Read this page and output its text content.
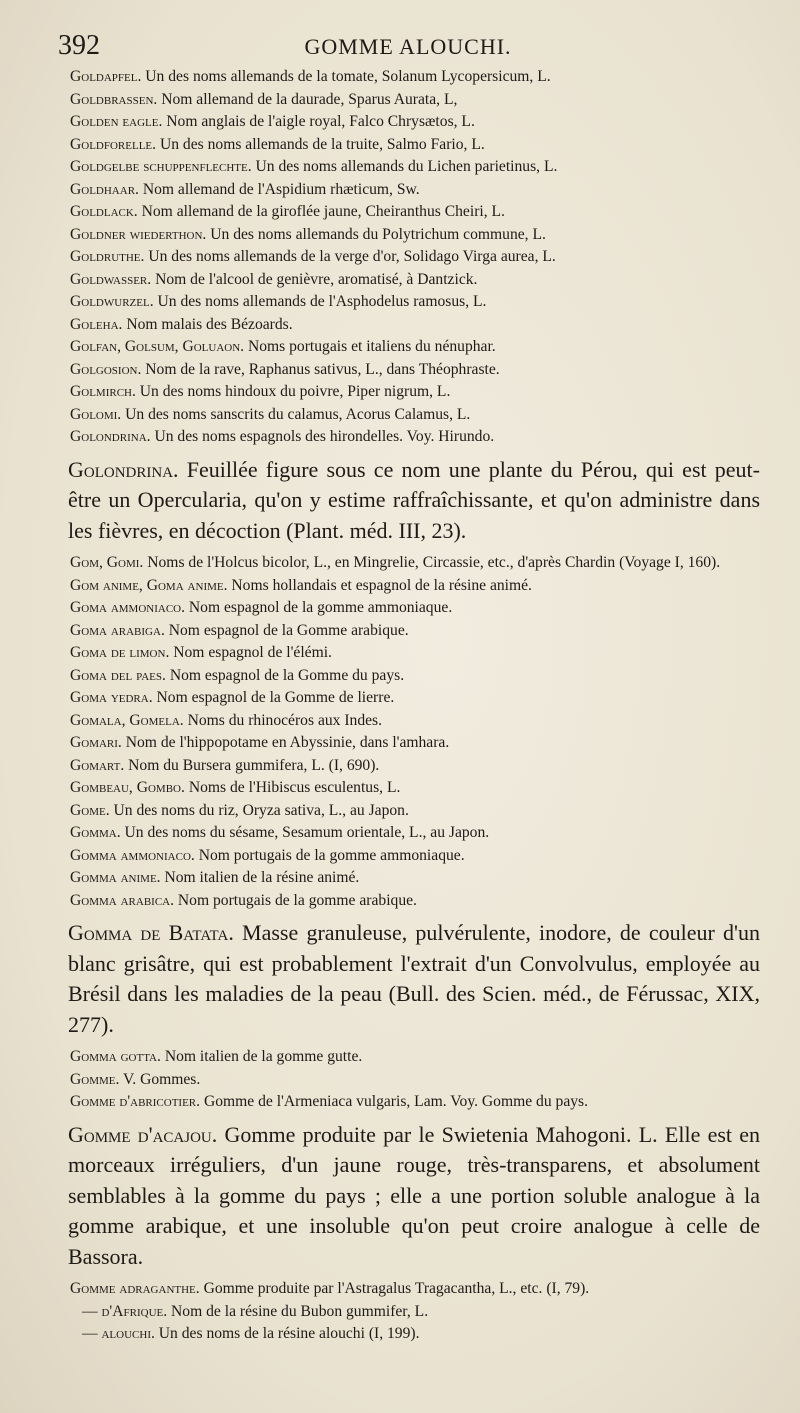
392	GOMME ALOUCHI.
Goldapfel. Un des noms allemands de la tomate, Solanum Lycopersicum, L.
Goldbrassen. Nom allemand de la daurade, Sparus Aurata, L,
Golden eagle. Nom anglais de l'aigle royal, Falco Chrysætos, L.
Goldforelle. Un des noms allemands de la truite, Salmo Fario, L.
Goldgelbe schuppenflechte. Un des noms allemands du Lichen parietinus, L.
Goldhaar. Nom allemand de l'Aspidium rhæticum, Sw.
Goldlack. Nom allemand de la giroflée jaune, Cheiranthus Cheiri, L.
Goldner wiederthon. Un des noms allemands du Polytrichum commune, L.
Goldruthe. Un des noms allemands de la verge d'or, Solidago Virga aurea, L.
Goldwasser. Nom de l'alcool de genièvre, aromatisé, à Dantzick.
Goldwurzel. Un des noms allemands de l'Asphodelus ramosus, L.
Goleha. Nom malais des Bézoards.
Golfan, Golsum, Goluaon. Noms portugais et italiens du nénuphar.
Golgosion. Nom de la rave, Raphanus sativus, L., dans Théophraste.
Golmirch. Un des noms hindoux du poivre, Piper nigrum, L.
Golomi. Un des noms sanscrits du calamus, Acorus Calamus, L.
Golondrina. Un des noms espagnols des hirondelles. Voy. Hirundo.
Golondrina. Feuillée figure sous ce nom une plante du Pérou, qui est peut-être un Opercularia, qu'on y estime raffraîchissante, et qu'on administre dans les fièvres, en décoction (Plant. méd. III, 23).
Gom, Gomi. Noms de l'Holcus bicolor, L., en Mingrelie, Circassie, etc., d'après Chardin (Voyage I, 160).
Gom anime, Goma anime. Noms hollandais et espagnol de la résine animé.
Goma ammoniaco. Nom espagnol de la gomme ammoniaque.
Goma arabiga. Nom espagnol de la Gomme arabique.
Goma de limon. Nom espagnol de l'élémi.
Goma del paes. Nom espagnol de la Gomme du pays.
Goma yedra. Nom espagnol de la Gomme de lierre.
Gomala, Gomela. Noms du rhinocéros aux Indes.
Gomari. Nom de l'hippopotame en Abyssinie, dans l'amhara.
Gomart. Nom du Bursera gummifera, L. (I, 690).
Gombeau, Gombo. Noms de l'Hibiscus esculentus, L.
Gome. Un des noms du riz, Oryza sativa, L., au Japon.
Gomma. Un des noms du sésame, Sesamum orientale, L., au Japon.
Gomma ammoniaco. Nom portugais de la gomme ammoniaque.
Gomma anime. Nom italien de la résine animé.
Gomma arabica. Nom portugais de la gomme arabique.
Gomma de Batata. Masse granuleuse, pulvérulente, inodore, de couleur d'un blanc grisâtre, qui est probablement l'extrait d'un Convolvulus, employée au Brésil dans les maladies de la peau (Bull. des Scien. méd., de Férussac, XIX, 277).
Gomma gotta. Nom italien de la gomme gutte.
Gomme. V. Gommes.
Gomme d'abricotier. Gomme de l'Armeniaca vulgaris, Lam. Voy. Gomme du pays.
Gomme d'acajou. Gomme produite par le Swietenia Mahogoni. L. Elle est en morceaux irréguliers, d'un jaune rouge, très-transparens, et absolument semblables à la gomme du pays ; elle a une portion soluble analogue à la gomme arabique, et une insoluble qu'on peut croire analogue à celle de Bassora.
Gomme adraganthe. Gomme produite par l'Astragalus Tragacantha, L., etc. (I, 79).
— d'Afrique. Nom de la résine du Bubon gummifer, L.
— alouchi. Un des noms de la résine alouchi (I, 199).
